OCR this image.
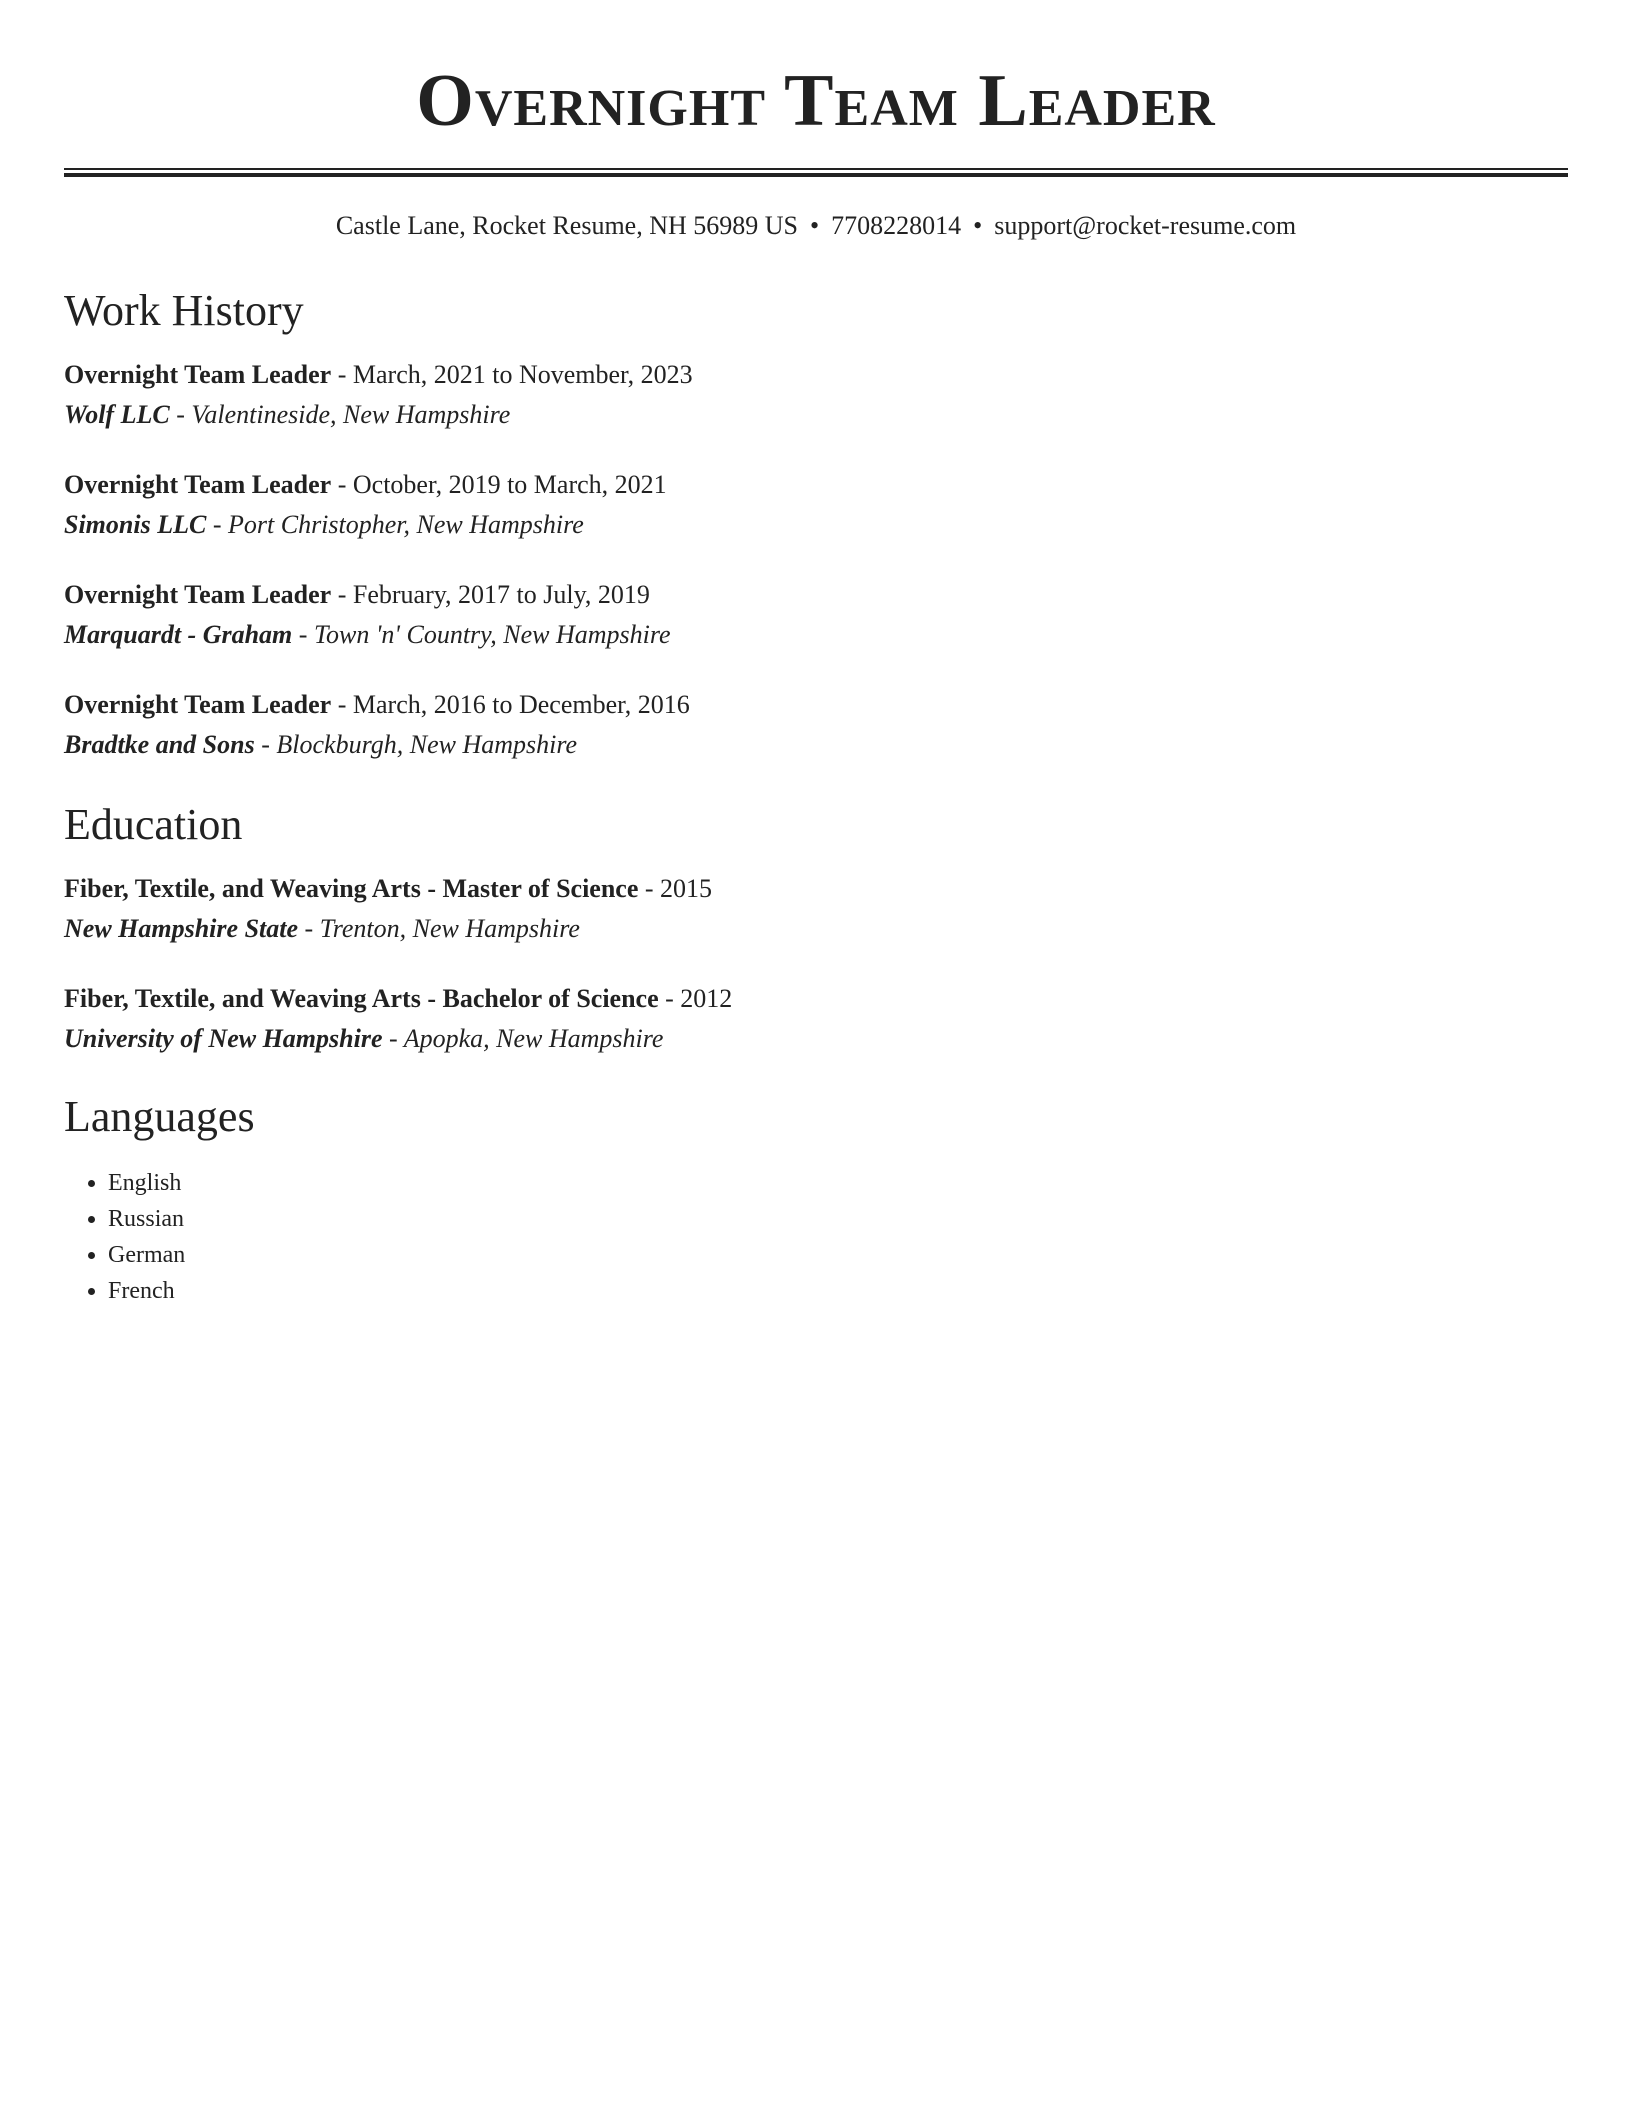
Overnight Team Leader
Castle Lane, Rocket Resume, NH 56989 US • 7708228014 • support@rocket-resume.com
Work History
Overnight Team Leader - March, 2021 to November, 2023
Wolf LLC - Valentineside, New Hampshire
Overnight Team Leader - October, 2019 to March, 2021
Simonis LLC - Port Christopher, New Hampshire
Overnight Team Leader - February, 2017 to July, 2019
Marquardt - Graham - Town 'n' Country, New Hampshire
Overnight Team Leader - March, 2016 to December, 2016
Bradtke and Sons - Blockburgh, New Hampshire
Education
Fiber, Textile, and Weaving Arts - Master of Science - 2015
New Hampshire State - Trenton, New Hampshire
Fiber, Textile, and Weaving Arts - Bachelor of Science - 2012
University of New Hampshire - Apopka, New Hampshire
Languages
• English
• Russian
• German
• French
